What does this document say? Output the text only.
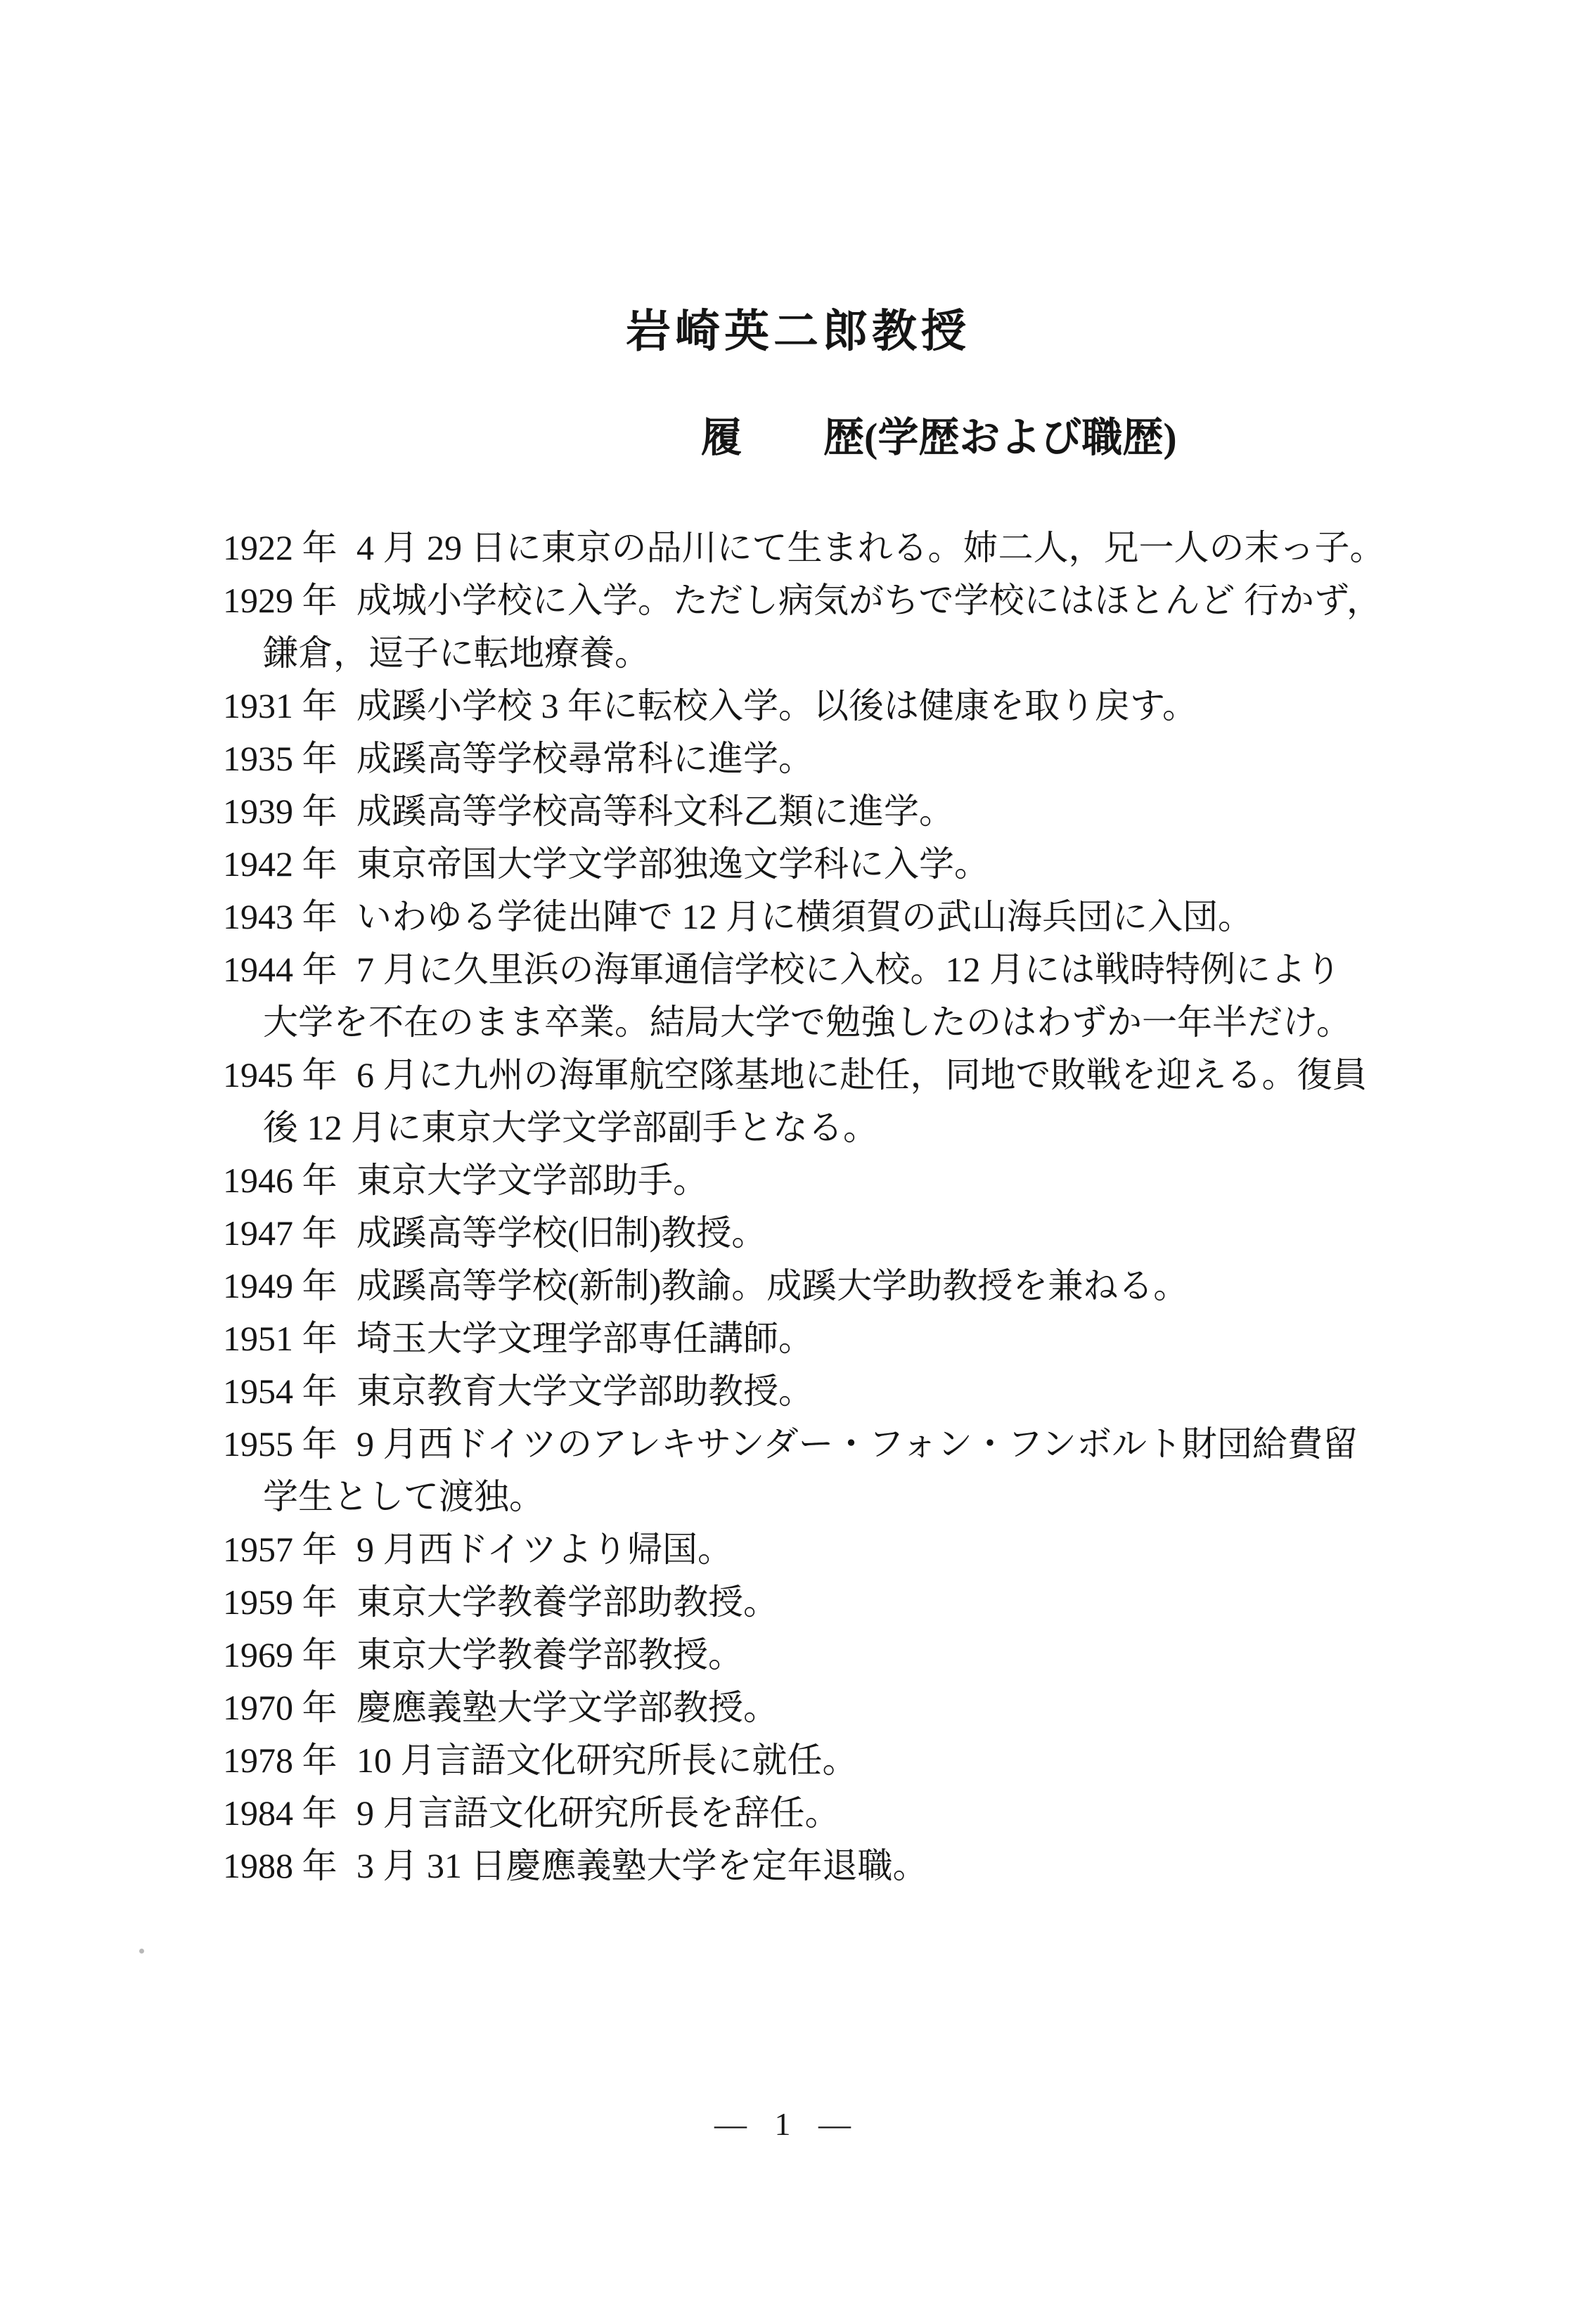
岩崎英二郎教授
履　　歴(学歴および職歴)
1922 年 4 月 29 日に東京の品川にて生まれる。姉二人，兄一人の末っ子。
1929 年 成城小学校に入学。ただし病気がちで学校にはほとんど 行かず，
鎌倉，逗子に転地療養。
1931 年 成蹊小学校 3 年に転校入学。以後は健康を取り戻す。
1935 年 成蹊高等学校尋常科に進学。
1939 年 成蹊高等学校高等科文科乙類に進学。
1942 年 東京帝国大学文学部独逸文学科に入学。
1943 年 いわゆる学徒出陣で 12 月に横須賀の武山海兵団に入団。
1944 年 7 月に久里浜の海軍通信学校に入校。12 月には戦時特例により
大学を不在のまま卒業。結局大学で勉強したのはわずか一年半だけ。
1945 年 6 月に九州の海軍航空隊基地に赴任，同地で敗戦を迎える。復員
後 12 月に東京大学文学部副手となる。
1946 年 東京大学文学部助手。
1947 年 成蹊高等学校(旧制)教授。
1949 年 成蹊高等学校(新制)教諭。成蹊大学助教授を兼ねる。
1951 年 埼玉大学文理学部専任講師。
1954 年 東京教育大学文学部助教授。
1955 年 9 月西ドイツのアレキサンダー・フォン・フンボルト財団給費留
学生として渡独。
1957 年 9 月西ドイツより帰国。
1959 年 東京大学教養学部助教授。
1969 年 東京大学教養学部教授。
1970 年 慶應義塾大学文学部教授。
1978 年 10 月言語文化研究所長に就任。
1984 年 9 月言語文化研究所長を辞任。
1988 年 3 月 31 日慶應義塾大学を定年退職。
— 1 —
